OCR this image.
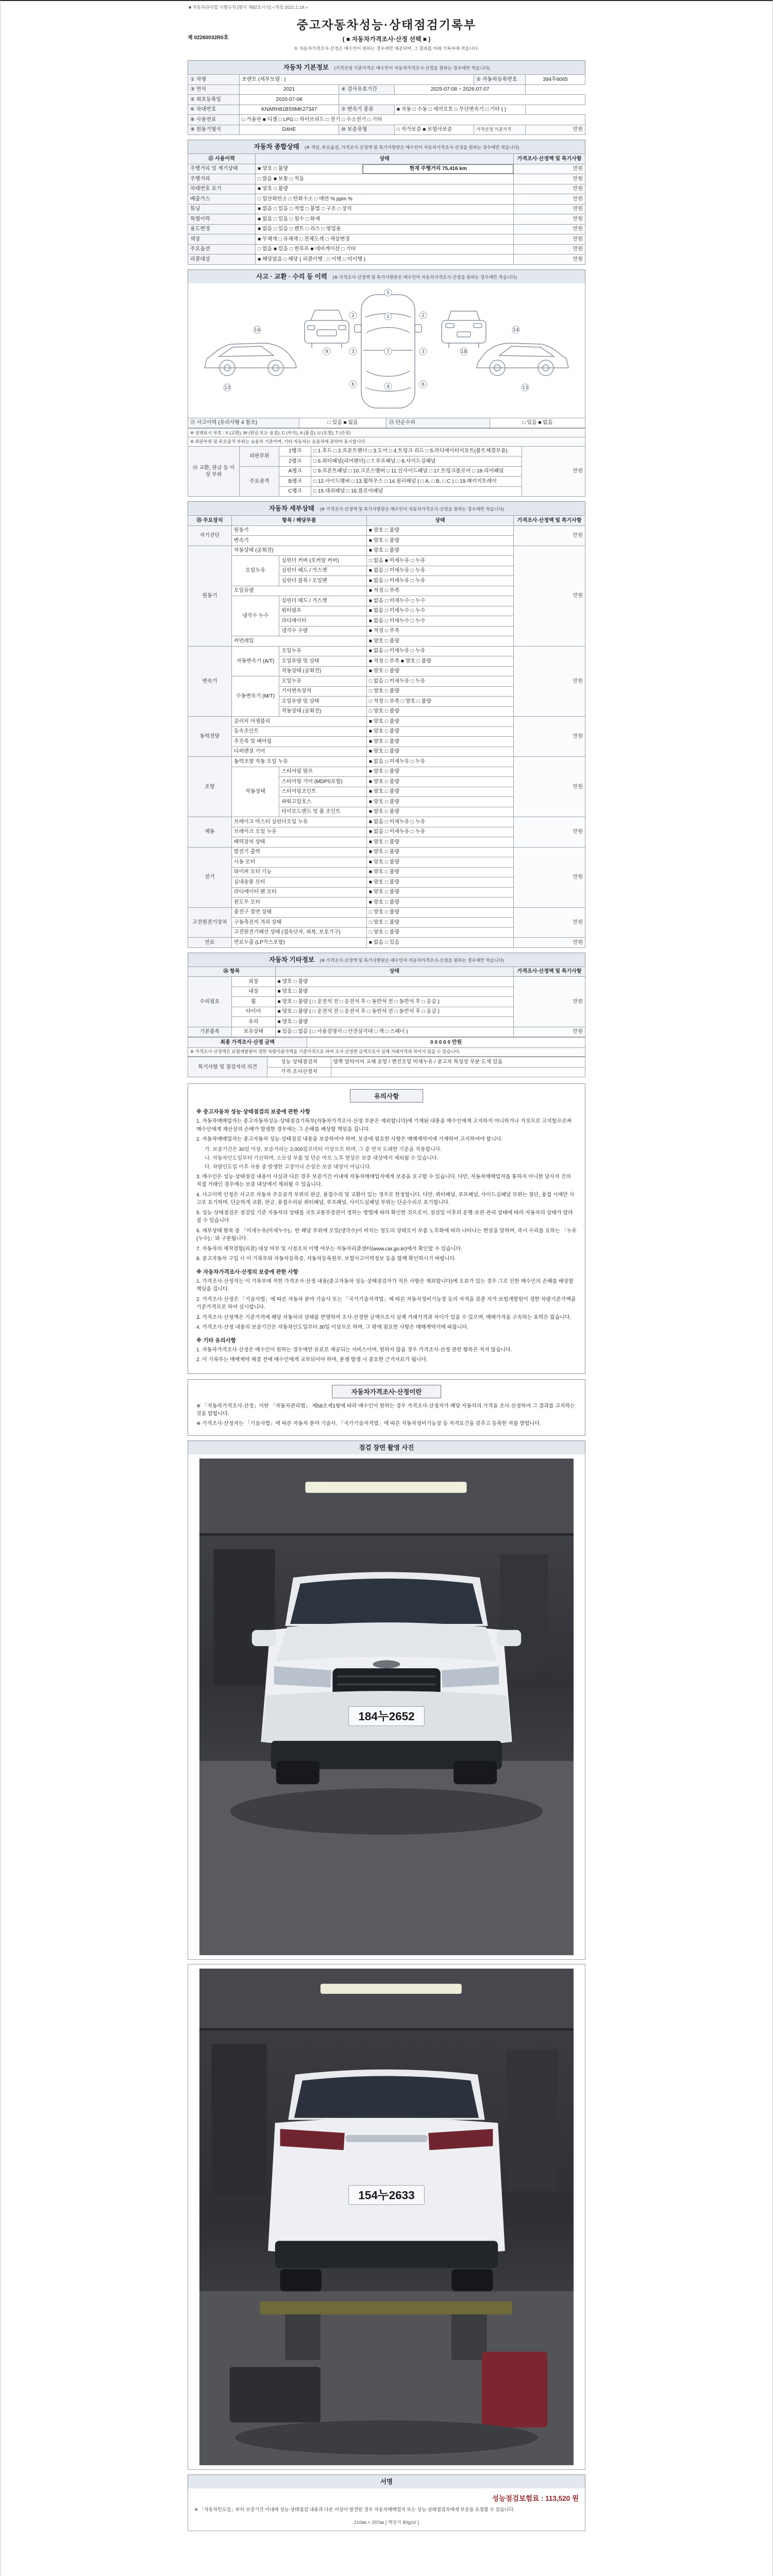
■ 자동차관리법 시행규칙 [별지 제82호서식] <개정 2021.1.19.>
제 02260032R0호
중고자동차성능·상태점검기록부
( ■ 자동차가격조사·산정 선택 ■ )
① 자동차가격조사·산정은 매수인이 원하는 경우에만 제공되며, 그 결과를 아래 기록부에 적습니다.
자동차 기본정보 (가격산정 기준가격은 매수인이 자동차가격조사·산정을 원하는 경우에만 적습니다)
① 차명	쏘렌토 (세부모델 : )			② 자동차등록번호	394후6065
③ 연식	2021	④ 검사유효기간	2025-07-08 ~ 2026-07-07		
⑤ 최초등록일	2020-07-08				
⑥ 차대번호	KNARH81BS9MK27347	⑦ 변속기 종류	■ 자동 □ 수동 □ 세미오토 □ 무단변속기 □ 기타 ( )		
⑧ 사용연료	□ 가솔린 ■ 디젤 □ LPG □ 하이브리드 □ 전기 □ 수소전기 □ 기타				
⑨ 원동기형식	D4HE	⑩ 보증유형	□ 자가보증 ■ 보험사보증	가격산정 기준가격	만원
자동차 종합상태 (※ 색상, 주요옵션, 가격조사·산정액 및 특기사항란은 매수인이 자동차가격조사·산정을 원하는 경우에만 적습니다)
⑪ 사용이력	상태		가격조사·산정액 및 특기사항
주행거리 및 계기상태	■ 양호 □ 불량	현재 주행거리 75,416 km	만원
주행거리	□ 많음 ■ 보통 □ 적음		만원
차대번호 표기	■ 양호 □ 불량		만원
배출가스	□ 일산화탄소 □ 탄화수소 □ 매연 % ppm %		만원
튜닝	■ 없음 □ 있음 □ 적법 □ 불법 □ 구조 □ 장치		만원
특별이력	■ 없음 □ 있음 □ 침수 □ 화재		만원
용도변경	■ 없음 □ 있음 □ 렌트 □ 리스 □ 영업용		만원
색상	■ 무채색 □ 유채색 □ 전체도색 □ 색상변경		만원
주요옵션	□ 없음 ■ 있음 □ 썬루프 ■ 네비게이션 □ 기타		만원
리콜대상	■ 해당없음 □ 해당 ( 리콜이행 : □ 이행 □ 미이행 )		만원
사고 · 교환 · 수리 등 이력 (※ 가격조사·산정액 및 특기사항란은 매수인이 자동차가격조사·산정을 원하는 경우에만 적습니다)
5
1
7
4
2	2
3	3
6	6
9	18
13
14
13
14
⑫ 사고이력 (유의사항 4 참조)	□ 있음 ■ 없음	⑬ 단순수리	□ 있음 ■ 없음
※ 상태표시 부호 : X (교환), W (판금 또는 용접), C (부식), A (흠집), U (요철), T (손상)				
※ 외판부위 및 주요골격 부위는 승용차 기준이며, 기타 자동차는 승용차에 준하여 표시합니다.				
⑭ 교환, 판금 등 이상 부위	외판부위	1랭크	□ 1.후드 □ 2.프론트펜더 □ 3.도어 □ 4.트렁크 리드 □ 5.라디에이터서포트(볼트체결부품)	만원
		2랭크	□ 6.쿼터패널(리어펜더) □ 7.루프패널 □ 8.사이드실패널	
	주요골격	A랭크	□ 9.프론트패널 □ 10.크로스멤버 □ 11.인사이드패널 □ 17.트렁크플로어 □ 18.리어패널	
		B랭크	□ 12.사이드멤버 □ 13.휠하우스 □ 14.필러패널 ( □ A, □ B, □ C ) □ 19.패키지트레이	
		C랭크	□ 15.대쉬패널 □ 16.플로어패널	
자동차 세부상태 (※ 가격조사·산정액 및 특기사항란은 매수인이 자동차가격조사·산정을 원하는 경우에만 적습니다)
⑮ 주요장치	항목 / 해당부품		상태	가격조사·산정액 및 특기사항
자기진단	원동기		■ 양호 □ 불량	만원
	변속기		■ 양호 □ 불량	
원동기	작동상태 (공회전)		■ 양호 □ 불량	만원
	오일누유	실린더 커버 (로커암 커버)	□ 없음 ■ 미세누유 □ 누유	
		실린더 헤드 / 가스켓	■ 없음 □ 미세누유 □ 누유	
		실린더 블록 / 오일팬	■ 없음 □ 미세누유 □ 누유	
	오일유량		■ 적정 □ 부족	
	냉각수 누수	실린더 헤드 / 가스켓	■ 없음 □ 미세누수 □ 누수	
		워터펌프	■ 없음 □ 미세누수 □ 누수	
		라디에이터	■ 없음 □ 미세누수 □ 누수	
		냉각수 수량	■ 적정 □ 부족	
	커먼레일		■ 양호 □ 불량	
변속기	자동변속기 (A/T)	오일누유	■ 없음 □ 미세누유 □ 누유	만원
		오일유량 및 상태	■ 적정 □ 부족 ■ 양호 □ 불량	
		작동상태 (공회전)	■ 양호 □ 불량	
	수동변속기 (M/T)	오일누유	□ 없음 □ 미세누유 □ 누유	
		기어변속장치	□ 양호 □ 불량	
		오일유량 및 상태	□ 적정 □ 부족 □ 양호 □ 불량	
		작동상태 (공회전)	□ 양호 □ 불량	
동력전달	클러치 어셈블리		■ 양호 □ 불량	만원
	등속조인트		■ 양호 □ 불량	
	추진축 및 베어링		■ 양호 □ 불량	
	디퍼렌셜 기어		■ 양호 □ 불량	
조향	동력조향 작동 오일 누유		■ 없음 □ 미세누유 □ 누유	만원
	작동상태	스티어링 펌프	■ 양호 □ 불량	
		스티어링 기어 (MDPS포함)	■ 양호 □ 불량	
		스티어링조인트	■ 양호 □ 불량	
		파워고압호스	■ 양호 □ 불량	
		타이로드엔드 및 볼 조인트	■ 양호 □ 불량	
제동	브레이크 마스터 실린더오일 누유		■ 없음 □ 미세누유 □ 누유	만원
	브레이크 오일 누유		■ 없음 □ 미세누유 □ 누유	
	배력장치 상태		■ 양호 □ 불량	
전기	발전기 출력		■ 양호 □ 불량	만원
	시동 모터		■ 양호 □ 불량	
	와이퍼 모터 기능		■ 양호 □ 불량	
	실내송풍 모터		■ 양호 □ 불량	
	라디에이터 팬 모터		■ 양호 □ 불량	
	윈도우 모터		■ 양호 □ 불량	
고전원전기장치	충전구 절연 상태		□ 양호 □ 불량	만원
	구동축전지 격리 상태		□ 양호 □ 불량	
	고전원전기배선 상태 (접속단자, 피복, 보호기구)		□ 양호 □ 불량	
연료	연료누출 (LP가스포함)		■ 없음 □ 있음	만원
자동차 기타정보 (※ 가격조사·산정액 및 특기사항란은 매수인이 자동차가격조사·산정을 원하는 경우에만 적습니다)
⑯ 항목		상태	가격조사·산정액 및 특기사항
수리필요	외장	■ 양호 □ 불량	만원
	내장	■ 양호 □ 불량	
	휠	■ 양호 □ 불량 ( □ 운전석 전 □ 운전석 후 □ 동반석 전 □ 동반석 후 □ 응급 )	
	타이어	■ 양호 □ 불량 ( □ 운전석 전 □ 운전석 후 □ 동반석 전 □ 동반석 후 □ 응급 )	
	유리	■ 양호 □ 불량	
기본품목	보유상태	■ 있음 □ 없음 ( □ 사용설명서 □ 안전삼각대 □ 잭 □ 스패너 )	만원
최종 가격조사·산정 금액	0 0 0 0 0 만원
※ 가격조사·산정액은 보험개발원이 정한 차량기준가액을 기준가격으로 하여 조사·산정한 금액으로서 실제 거래가격과 차이가 있을 수 있습니다.
특기사항 및 점검자의 의견	성능·상태점검자	양쪽 앞타이어 교체 요망 / 엔진오일 미세누유 / 중고차 특성상 부분 도색 있음
	가격·조사산정자	
유의사항

※ 중고자동차 성능·상태점검의 보증에 관한 사항

1. 자동차매매업자는 중고자동차성능·상태점검기록부(자동차가격조사·산정 부분은 제외합니다)에 기재된 내용을 매수인에게 고지하지 아니하거나 거짓으로 고지함으로써 매수인에게 재산상의 손해가 발생한 경우에는 그 손해를 배상할 책임을 집니다.

2. 자동차매매업자는 중고자동차 성능·상태점검 내용을 보증하여야 하며, 보증에 필요한 사항은 매매계약서에 기재하여 고지하여야 합니다.

가. 보증기간은 30일 이상, 보증거리는 2,000킬로미터 이상으로 하며, 그 중 먼저 도래한 기준을 적용합니다.

나. 자동차인도일부터 기산하며, 소모성 부품 및 단순 마모·노후 현상은 보증 대상에서 제외될 수 있습니다.

다. 차량인도일 이후 사용 중 발생한 고장이나 손상은 보증 대상이 아닙니다.

3. 매수인은 성능·상태점검 내용이 사실과 다른 경우 보증기간 이내에 자동차매매업자에게 보증을 요구할 수 있습니다. 다만, 자동차매매업자를 통하지 아니한 당사자 간의 직접 거래인 경우에는 보증 대상에서 제외될 수 있습니다.

4. 사고이력 인정은 사고로 자동차 주요골격 부위의 판금, 용접수리 및 교환이 있는 경우로 한정합니다. 다만, 쿼터패널, 루프패널, 사이드실패널 부위는 절단, 용접 시에만 사고로 표기하며, 단순하게 교환, 판금, 용접수리된 쿼터패널, 루프패널, 사이드실패널 부위는 단순수리로 표기합니다.

5. 성능·상태점검은 점검일 기준 자동차의 상태를 국토교통부장관이 정하는 방법에 따라 확인한 것으로서, 점검일 이후의 운행·보관·관리 상태에 따라 자동차의 상태가 달라질 수 있습니다.

6. 세부상태 항목 중 「미세누유(미세누수)」란 해당 부위에 오일(냉각수)이 비치는 정도의 상태로서 부품 노후화에 따라 나타나는 현상을 말하며, 즉시 수리를 요하는 「누유(누수)」와 구분됩니다.

7. 자동차의 제작결함(리콜) 대상 여부 및 시정조치 이행 여부는 자동차리콜센터(www.car.go.kr)에서 확인할 수 있습니다.

8. 중고자동차 구입 시 이 기록부와 자동차등록증, 자동차등록원부, 보험사고이력정보 등을 함께 확인하시기 바랍니다.

※ 자동차가격조사·산정의 보증에 관한 사항

1. 가격조사·산정자는 이 기록부에 적힌 가격조사·산정 내용(중고자동차 성능·상태점검자가 적은 사항은 제외합니다)에 오류가 있는 경우 그로 인한 매수인의 손해를 배상할 책임을 집니다.

2. 가격조사·산정은 「기술사법」에 따른 자동차 분야 기술사 또는 「국가기술자격법」에 따른 자동차정비기능장 등의 자격을 갖춘 자가 보험개발원이 정한 차량기준가액을 기준가격으로 하여 실시합니다.

3. 가격조사·산정액은 기준가격에 해당 자동차의 상태를 반영하여 조사·산정한 금액으로서 실제 거래가격과 차이가 있을 수 있으며, 매매가격을 구속하는 효력은 없습니다.

4. 가격조사·산정 내용의 보증기간은 자동차인도일부터 30일 이상으로 하며, 그 밖에 필요한 사항은 매매계약서에 따릅니다.

※ 기타 유의사항

1. 자동차가격조사·산정은 매수인이 원하는 경우에만 유료로 제공되는 서비스이며, 원하지 않을 경우 가격조사·산정 관련 항목은 적지 않습니다.

2. 이 기록부는 매매계약 체결 전에 매수인에게 교부되어야 하며, 분쟁 발생 시 중요한 근거자료가 됩니다.

자동차가격조사·산정이란

※ 「자동차가격조사·산정」이란 「자동차관리법」 제58조제1항에 따라 매수인이 원하는 경우 가격조사·산정자가 해당 자동차의 가격을 조사·산정하여 그 결과를 고지하는 것을 말합니다.

※ 가격조사·산정자는 「기술사법」에 따른 자동차 분야 기술사, 「국가기술자격법」에 따른 자동차정비기능장 등 자격요건을 갖추고 등록한 자를 말합니다.

점검 장면 촬영 사진
184누2652
154누2633
서명
성능점검보험료 : 113,520 원
※ 「자동차인도일」부터 보증기간 이내에 성능·상태점검 내용과 다른 이상이 발견된 경우 자동차매매업자 또는 성능·상태점검자에게 보증을 요청할 수 있습니다.
210㎜ × 297㎜ [ 백상지 80g/㎡ ]
